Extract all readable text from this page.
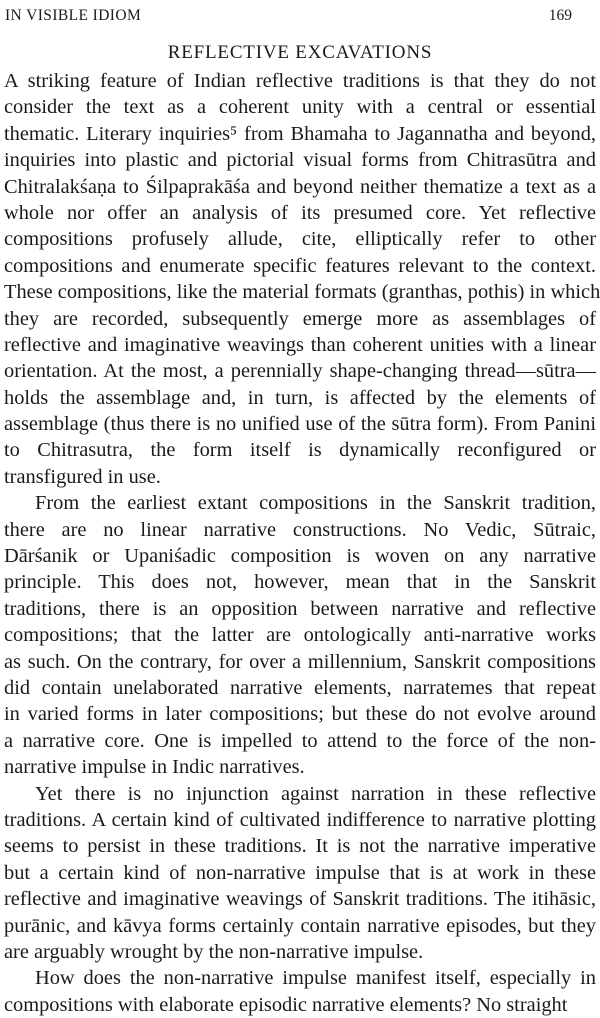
IN VISIBLE IDIOM	169
REFLECTIVE EXCAVATIONS
A striking feature of Indian reflective traditions is that they do not
consider the text as a coherent unity with a central or essential
thematic. Literary inquiries⁵ from Bhamaha to Jagannatha and beyond,
inquiries into plastic and pictorial visual forms from Chitrasūtra and
Chitralakśaṇa to Śilpaprakāśa and beyond neither thematize a text as a
whole nor offer an analysis of its presumed core. Yet reflective
compositions profusely allude, cite, elliptically refer to other
compositions and enumerate specific features relevant to the context.
These compositions, like the material formats (granthas, pothis) in which
they are recorded, subsequently emerge more as assemblages of
reflective and imaginative weavings than coherent unities with a linear
orientation. At the most, a perennially shape-changing thread—sūtra—
holds the assemblage and, in turn, is affected by the elements of
assemblage (thus there is no unified use of the sūtra form). From Panini
to Chitrasutra, the form itself is dynamically reconfigured or
transfigured in use.
From the earliest extant compositions in the Sanskrit tradition,
there are no linear narrative constructions. No Vedic, Sūtraic,
Dārśanik or Upaniśadic composition is woven on any narrative
principle. This does not, however, mean that in the Sanskrit
traditions, there is an opposition between narrative and reflective
compositions; that the latter are ontologically anti-narrative works
as such. On the contrary, for over a millennium, Sanskrit compositions
did contain unelaborated narrative elements, narratemes that repeat
in varied forms in later compositions; but these do not evolve around
a narrative core. One is impelled to attend to the force of the non-
narrative impulse in Indic narratives.
Yet there is no injunction against narration in these reflective
traditions. A certain kind of cultivated indifference to narrative plotting
seems to persist in these traditions. It is not the narrative imperative
but a certain kind of non-narrative impulse that is at work in these
reflective and imaginative weavings of Sanskrit traditions. The itihāsic,
purānic, and kāvya forms certainly contain narrative episodes, but they
are arguably wrought by the non-narrative impulse.
How does the non-narrative impulse manifest itself, especially in
compositions with elaborate episodic narrative elements? No straight
